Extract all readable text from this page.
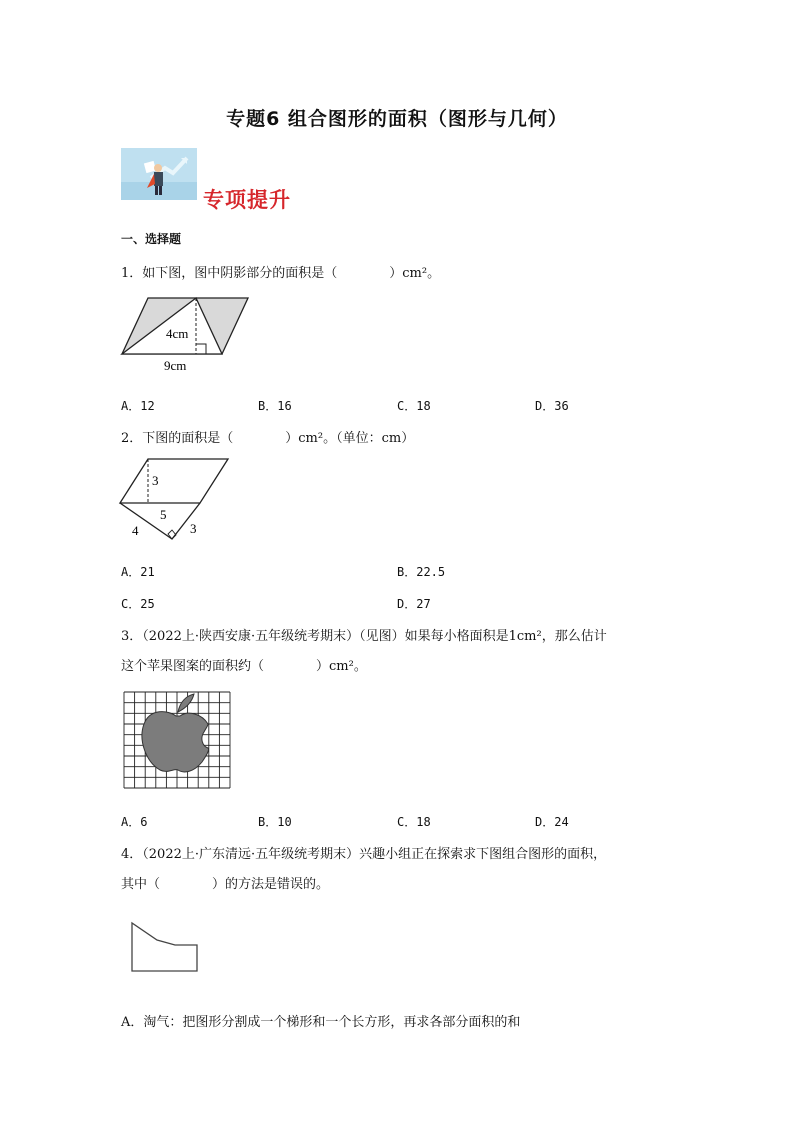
专题6 组合图形的面积（图形与几何）
专项提升
一、选择题
1．如下图，图中阴影部分的面积是（　　　　）cm²。
4cm
9cm
A．12	B．16	C．18	D．36
2．下图的面积是（　　　　）cm²。（单位：cm）
3
5
4	3
A．21	B．22.5
C．25	D．27
3．（2022上·陕西安康·五年级统考期末）（见图）如果每小格面积是1cm²，那么估计
这个苹果图案的面积约（　　　　）cm²。
A．6	B．10	C．18	D．24
4．（2022上·广东清远·五年级统考期末）兴趣小组正在探索求下图组合图形的面积，
其中（　　　　）的方法是错误的。
A．淘气：把图形分割成一个梯形和一个长方形，再求各部分面积的和
